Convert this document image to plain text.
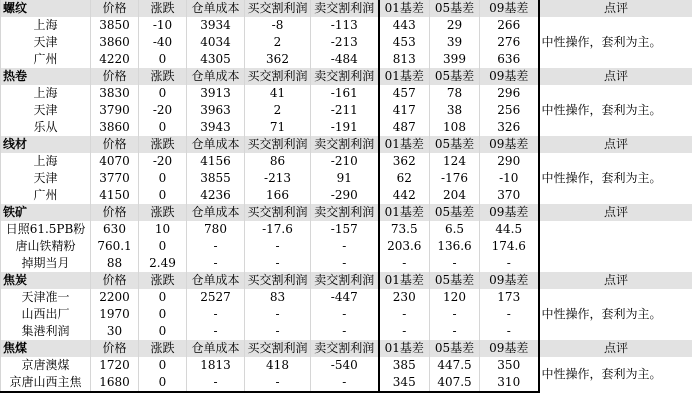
螺纹	价格	涨跌	仓单成本	买交割利润	卖交割利润	01基差	05基差	09基差	点评
上海	3850	-10	3934	-8	-113	443	29	266	中性操作，套利为主。
天津	3860	-40	4034	2	-213	453	39	276	
广州	4220	0	4305	362	-484	813	399	636	
热卷	价格	涨跌	仓单成本	买交割利润	卖交割利润	01基差	05基差	09基差	点评
上海	3830	0	3913	41	-161	457	78	296	中性操作，套利为主。
天津	3790	-20	3963	2	-211	417	38	256	
乐从	3860	0	3943	71	-191	487	108	326	
线材	价格	涨跌	仓单成本	买交割利润	卖交割利润	01基差	05基差	09基差	点评
上海	4070	-20	4156	86	-210	362	124	290	中性操作，套利为主。
天津	3770	0	3855	-213	91	62	-176	-10	
广州	4150	0	4236	166	-290	442	204	370	
铁矿	价格	涨跌	仓单成本	买交割利润	卖交割利润	01基差	05基差	09基差	点评
日照61.5PB粉	630	10	780	-17.6	-157	73.5	6.5	44.5	
唐山铁精粉	760.1	0	-	-	-	203.6	136.6	174.6	
掉期当月	88	2.49	-	-	-	-	-	-	
焦炭	价格	涨跌	仓单成本	买交割利润	卖交割利润	01基差	05基差	09基差	点评
天津准一	2200	0	2527	83	-447	230	120	173	中性操作，套利为主。
山西出厂	1970	0	-	-	-	-	-	-	
集港利润	30	0	-	-	-	-	-	-	
焦煤	价格	涨跌	仓单成本	买交割利润	卖交割利润	01基差	05基差	09基差	点评
京唐澳煤	1720	0	1813	418	-540	385	447.5	350	中性操作，套利为主。
京唐山西主焦	1680	0	-	-	-	345	407.5	310	
